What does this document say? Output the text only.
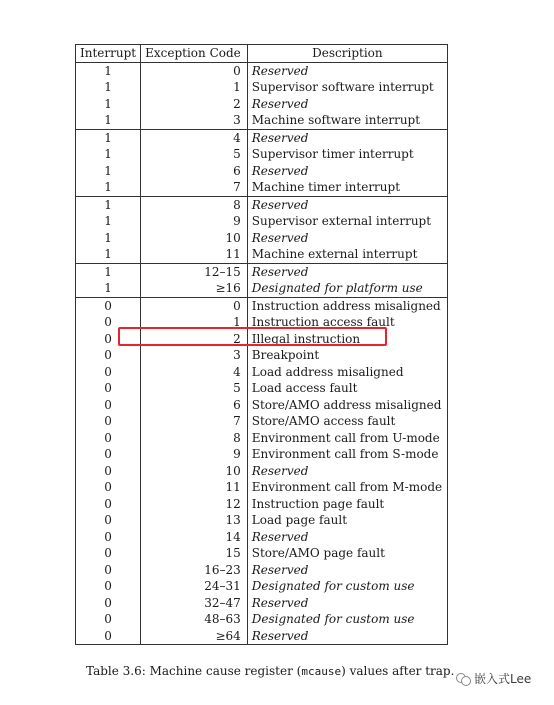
Interrupt	Exception Code	Description
1	0	Reserved
1	1	Supervisor software interrupt
1	2	Reserved
1	3	Machine software interrupt
1	4	Reserved
1	5	Supervisor timer interrupt
1	6	Reserved
1	7	Machine timer interrupt
1	8	Reserved
1	9	Supervisor external interrupt
1	10	Reserved
1	11	Machine external interrupt
1	12–15	Reserved
1	≥16	Designated for platform use
0	0	Instruction address misaligned
0	1	Instruction access fault
0	2	Illegal instruction
0	3	Breakpoint
0	4	Load address misaligned
0	5	Load access fault
0	6	Store/AMO address misaligned
0	7	Store/AMO access fault
0	8	Environment call from U-mode
0	9	Environment call from S-mode
0	10	Reserved
0	11	Environment call from M-mode
0	12	Instruction page fault
0	13	Load page fault
0	14	Reserved
0	15	Store/AMO page fault
0	16–23	Reserved
0	24–31	Designated for custom use
0	32–47	Reserved
0	48–63	Designated for custom use
0	≥64	Reserved
Table 3.6: Machine cause register (mcause) values after trap.
嵌入式Lee
